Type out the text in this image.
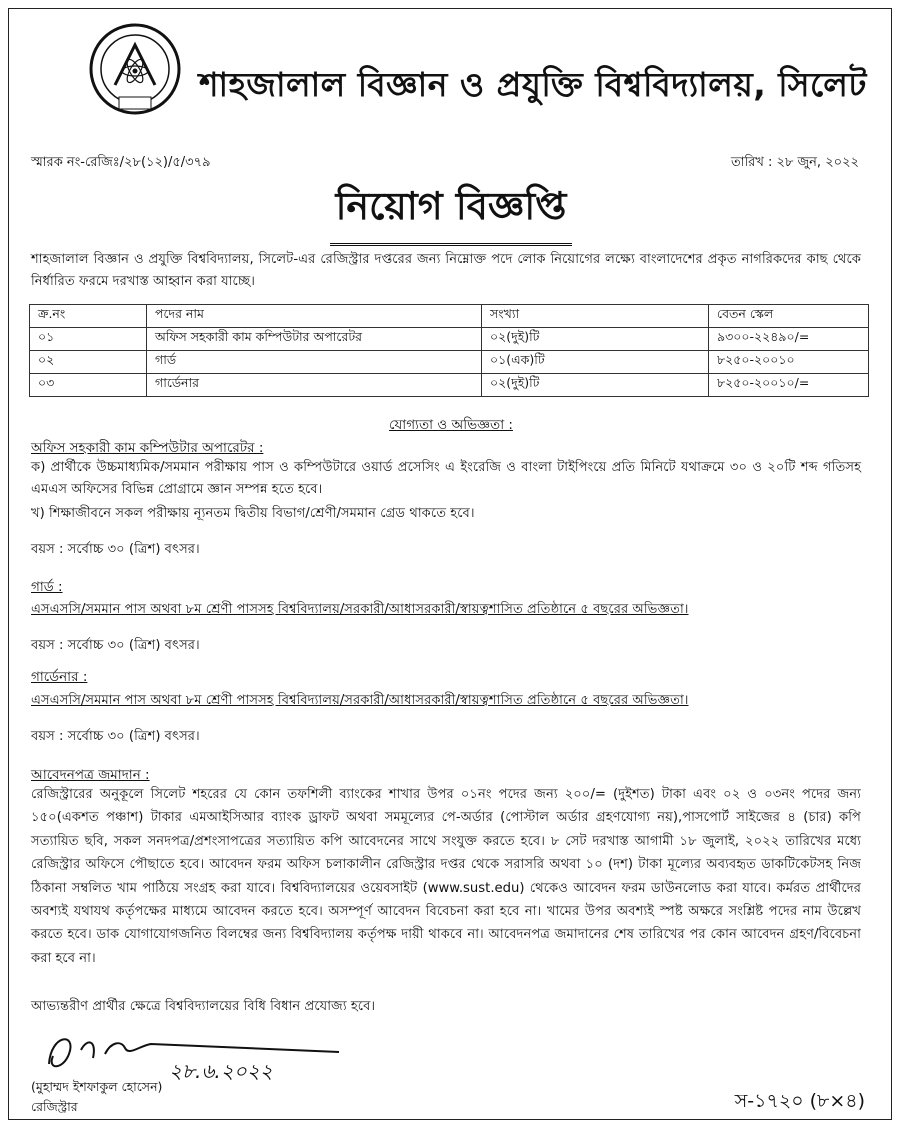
শাহজালাল বিজ্ঞান ও প্রযুক্তি বিশ্ববিদ্যালয়, সিলেট
স্মারক নং-রেজিঃ/২৮(১২)/৫/৩৭৯	তারিখ : ২৮ জুন, ২০২২
নিয়োগ বিজ্ঞপ্তি
শাহজালাল বিজ্ঞান ও প্রযুক্তি বিশ্ববিদ্যালয়, সিলেট-এর রেজিস্ট্রার দপ্তরের জন্য নিম্নোক্ত পদে লোক নিয়োগের লক্ষ্যে বাংলাদেশের প্রকৃত নাগরিকদের কাছ থেকে নির্ধারিত ফরমে দরখাস্ত আহ্বান করা যাচ্ছে।
ক্র.নং	পদের নাম	সংখ্যা	বেতন স্কেল
০১	অফিস সহকারী কাম কম্পিউটার অপারেটর	০২(দুই)টি	৯৩০০-২২৪৯০/=
০২	গার্ড	০১(এক)টি	৮২৫০-২০০১০
০৩	গার্ডেনার	০২(দুই)টি	৮২৫০-২০০১০/=
যোগ্যতা ও অভিজ্ঞতা :
অফিস সহকারী কাম কম্পিউটার অপারেটর :
ক) প্রার্থীকে উচ্চমাধ্যমিক/সমমান পরীক্ষায় পাস ও কম্পিউটারে ওয়ার্ড প্রসেসিং এ ইংরেজি ও বাংলা টাইপিংয়ে প্রতি মিনিটে যথাক্রমে ৩০ ও ২০টি শব্দ গতিসহ এমএস অফিসের বিভিন্ন প্রোগ্রামে জ্ঞান সম্পন্ন হতে হবে।
খ) শিক্ষাজীবনে সকল পরীক্ষায় ন্যূনতম দ্বিতীয় বিভাগ/শ্রেণী/সমমান গ্রেড থাকতে হবে।
বয়স : সর্বোচ্চ ৩০ (ত্রিশ) বৎসর।
গার্ড :
এসএসসি/সমমান পাস অথবা ৮ম শ্রেণী পাসসহ বিশ্ববিদ্যালয়/সরকারী/আধাসরকারী/স্বায়ত্বশাসিত প্রতিষ্ঠানে ৫ বছরের অভিজ্ঞতা।
বয়স : সর্বোচ্চ ৩০ (ত্রিশ) বৎসর।
গার্ডেনার :
এসএসসি/সমমান পাস অথবা ৮ম শ্রেণী পাসসহ বিশ্ববিদ্যালয়/সরকারী/আধাসরকারী/স্বায়ত্বশাসিত প্রতিষ্ঠানে ৫ বছরের অভিজ্ঞতা।
বয়স : সর্বোচ্চ ৩০ (ত্রিশ) বৎসর।
আবেদনপত্র জমাদান :
রেজিস্ট্রারের অনুকূলে সিলেট শহরের যে কোন তফশিলী ব্যাংকের শাখার উপর ০১নং পদের জন্য ২০০/= (দুইশত) টাকা এবং ০২ ও ০৩নং পদের জন্য ১৫০(একশত পঞ্চাশ) টাকার এমআইসিআর ব্যাংক ড্রাফট অথবা সমমূল্যের পে-অর্ডার (পোস্টাল অর্ডার গ্রহণযোগ্য নয়),পাসপোর্ট সাইজের ৪ (চার) কপি সত্যায়িত ছবি, সকল সনদপত্র/প্রশংসাপত্রের সত্যায়িত কপি আবেদনের সাথে সংযুক্ত করতে হবে। ৮ সেট দরখাস্ত আগামী ১৮ জুলাই, ২০২২ তারিখের মধ্যে রেজিস্ট্রার অফিসে পৌছাতে হবে। আবেদন ফরম অফিস চলাকালীন রেজিস্ট্রার দপ্তর থেকে সরাসরি অথবা ১০ (দশ) টাকা মূল্যের অব্যবহৃত ডাকটিকেটসহ নিজ ঠিকানা সম্বলিত খাম পাঠিয়ে সংগ্রহ করা যাবে। বিশ্ববিদ্যালয়ের ওয়েবসাইট (www.sust.edu) থেকেও আবেদন ফরম ডাউনলোড করা যাবে। কর্মরত প্রার্থীদের অবশ্যই যথাযথ কর্তৃপক্ষের মাধ্যমে আবেদন করতে হবে। অসম্পূর্ণ আবেদন বিবেচনা করা হবে না। খামের উপর অবশ্যই স্পষ্ট অক্ষরে সংশ্লিষ্ট পদের নাম উল্লেখ করতে হবে। ডাক যোগাযোগজনিত বিলম্বের জন্য বিশ্ববিদ্যালয় কর্তৃপক্ষ দায়ী থাকবে না। আবেদনপত্র জমাদানের শেষ তারিখের পর কোন আবেদন গ্রহণ/বিবেচনা করা হবে না।
আভ্যন্তরীণ প্রার্থীর ক্ষেত্রে বিশ্ববিদ্যালয়ের বিধি বিধান প্রযোজ্য হবে।
২৮.৬.২০২২
(মুহাম্মদ ইশফাকুল হোসেন)
রেজিস্ট্রার	স-১৭২০ (৮×৪)
